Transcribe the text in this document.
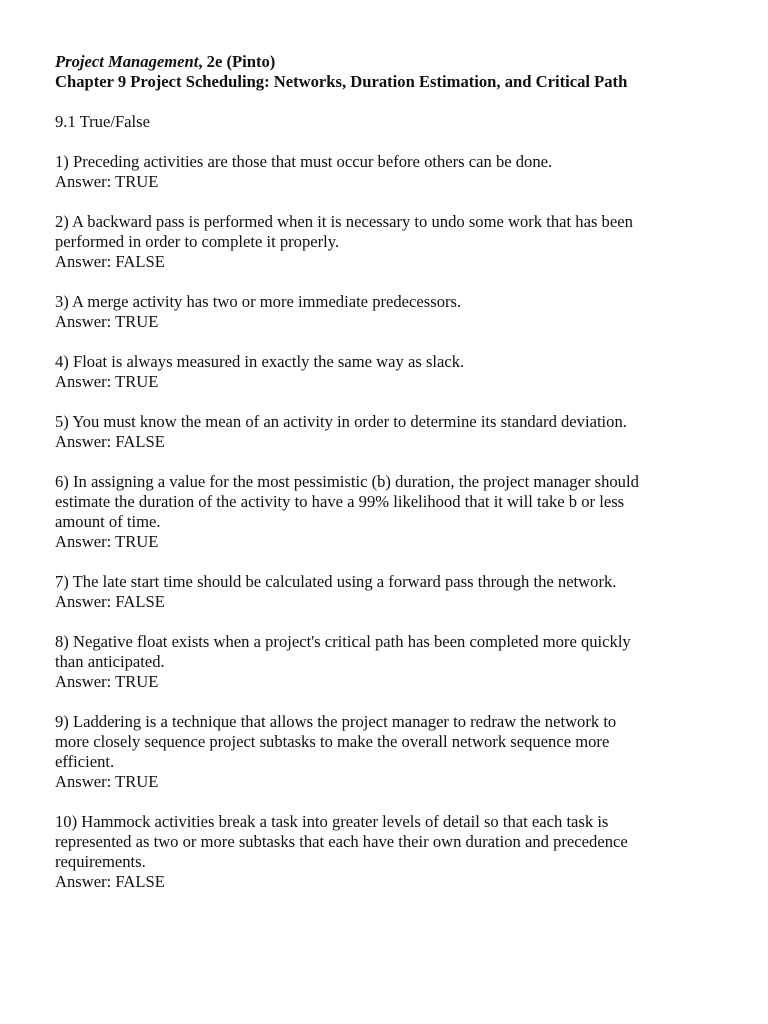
Project Management, 2e (Pinto)
Chapter 9 Project Scheduling: Networks, Duration Estimation, and Critical Path
9.1 True/False
1) Preceding activities are those that must occur before others can be done.
Answer: TRUE
2) A backward pass is performed when it is necessary to undo some work that has been
performed in order to complete it properly.
Answer: FALSE
3) A merge activity has two or more immediate predecessors.
Answer: TRUE
4) Float is always measured in exactly the same way as slack.
Answer: TRUE
5) You must know the mean of an activity in order to determine its standard deviation.
Answer: FALSE
6) In assigning a value for the most pessimistic (b) duration, the project manager should
estimate the duration of the activity to have a 99% likelihood that it will take b or less
amount of time.
Answer: TRUE
7) The late start time should be calculated using a forward pass through the network.
Answer: FALSE
8) Negative float exists when a project's critical path has been completed more quickly
than anticipated.
Answer: TRUE
9) Laddering is a technique that allows the project manager to redraw the network to
more closely sequence project subtasks to make the overall network sequence more
efficient.
Answer: TRUE
10) Hammock activities break a task into greater levels of detail so that each task is
represented as two or more subtasks that each have their own duration and precedence
requirements.
Answer: FALSE
